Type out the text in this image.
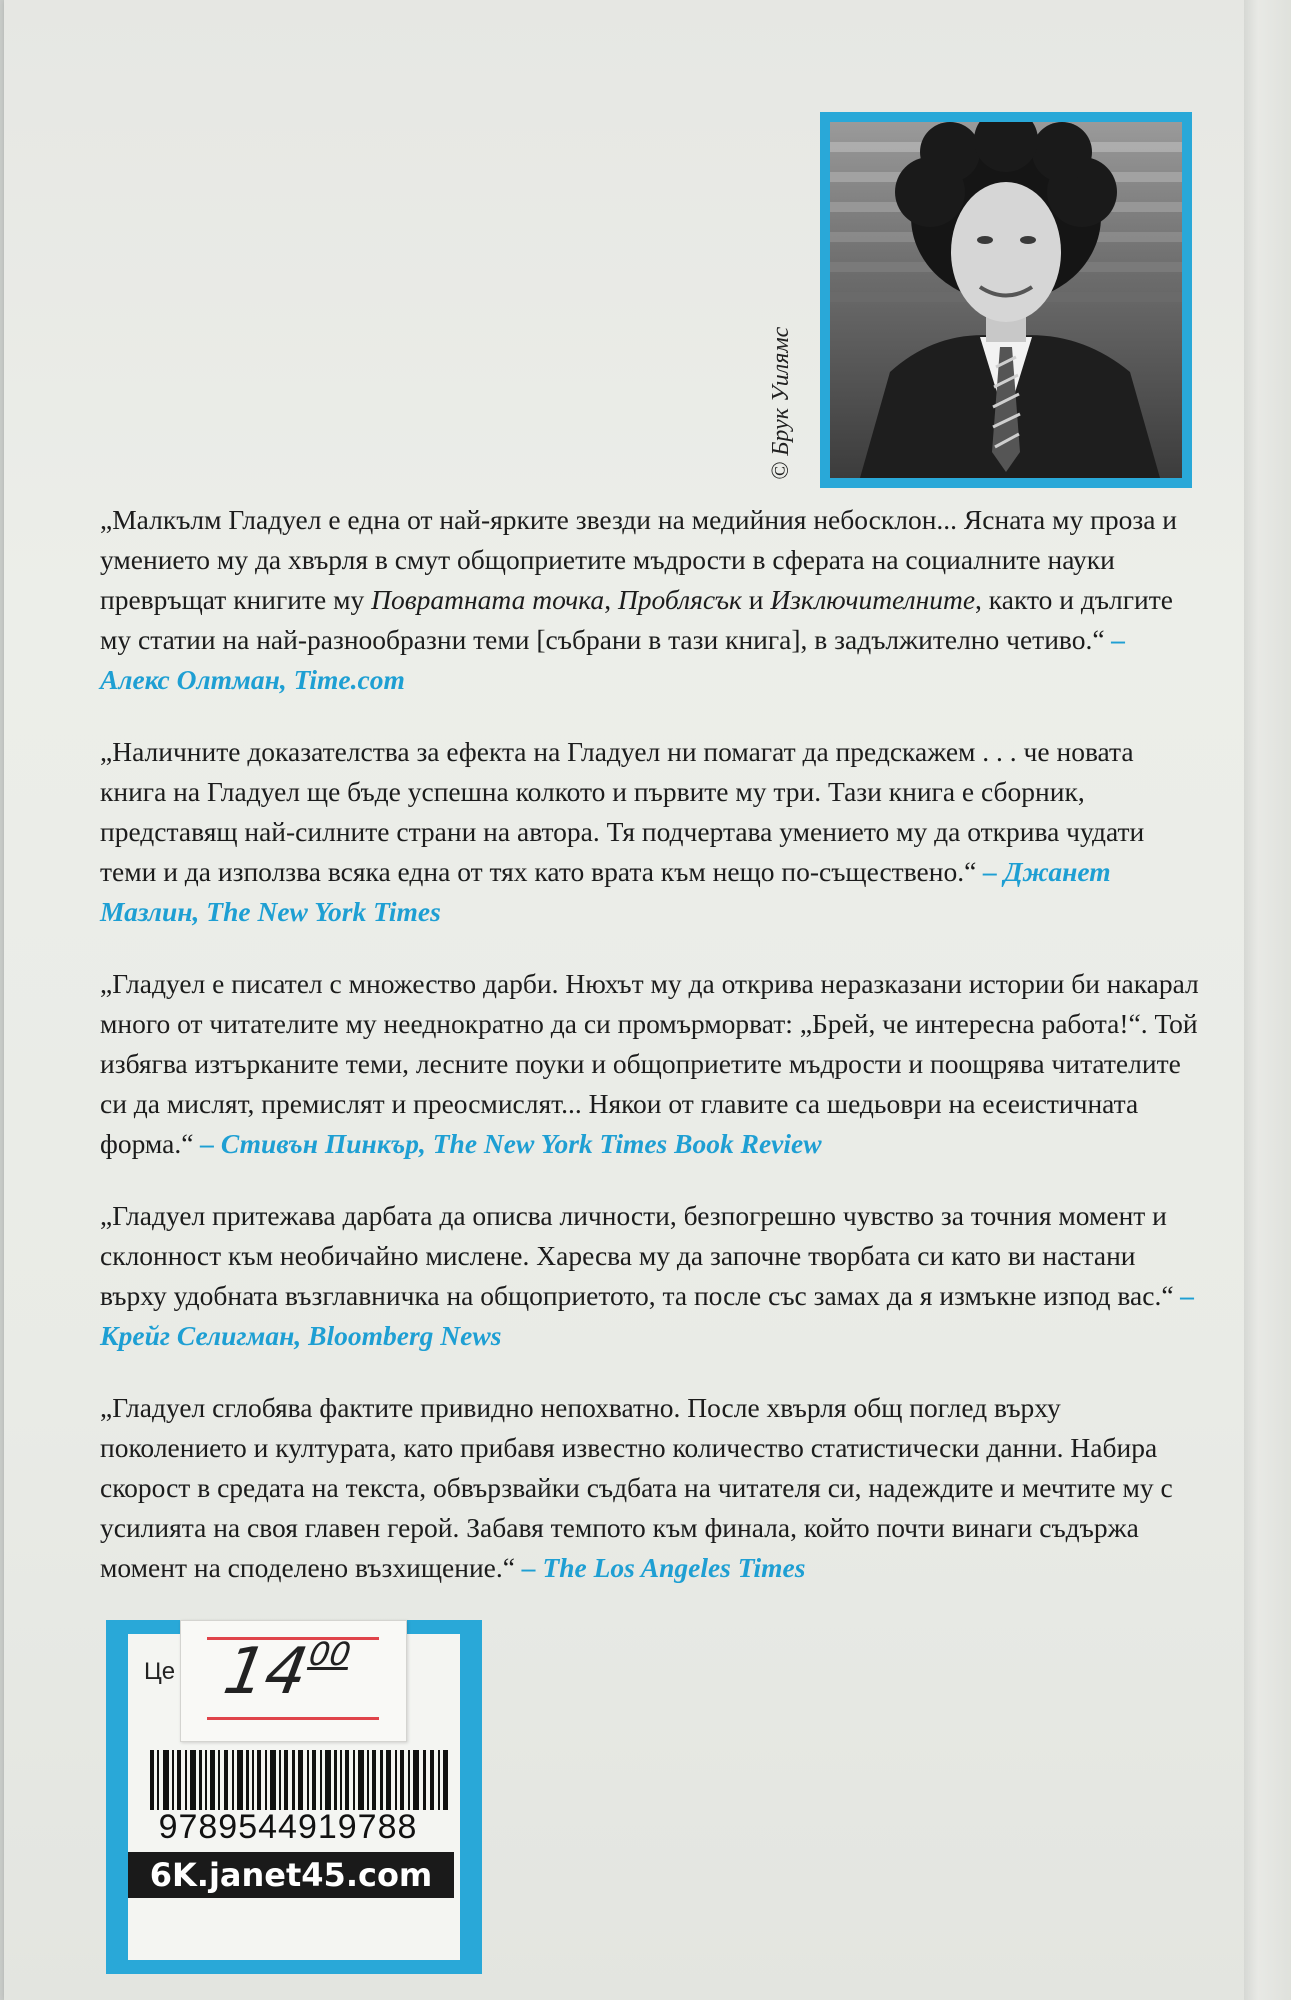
© Брук Уилямс

„Малкълм Гладуел е една от най-ярките звезди на медийния небосклон... Ясната му проза и умението му да хвърля в смут общоприетите мъдрости в сферата на социалните науки превръщат книгите му Повратната точка, Проблясък и Изключителните, както и дългите му статии на най-разнообразни теми [събрани в тази книга], в задължително четиво.“ – Алекс Олтман, Time.com

„Наличните доказателства за ефекта на Гладуел ни помагат да предскажем . . . че новата книга на Гладуел ще бъде успешна колкото и първите му три. Тази книга е сборник, представящ най-силните страни на автора. Тя подчертава умението му да открива чудати теми и да използва всяка една от тях като врата към нещо по-съществено.“ – Джанет Мазлин, The New York Times

„Гладуел е писател с множество дарби. Нюхът му да открива неразказани истории би накарал много от читателите му нееднократно да си промърморват: „Брей, че интересна работа!“. Той избягва изтърканите теми, лесните поуки и общоприетите мъдрости и поощрява читателите си да мислят, премислят и преосмислят... Някои от главите са шедьоври на есеистичната форма.“ – Стивън Пинкър, The New York Times Book Review

„Гладуел притежава дарбата да описва личности, безпогрешно чувство за точния момент и склонност към необичайно мислене. Харесва му да започне творбата си като ви настани върху удобната възглавничка на общоприетото, та после със замах да я измъкне изпод вас.“ – Крейг Селигман, Bloomberg News

„Гладуел сглобява фактите привидно непохватно. После хвърля общ поглед върху поколението и културата, като прибавя известно количество статистически данни. Набира скорост в средата на текста, обвързвайки съдбата на читателя си, надеждите и мечтите му с усилията на своя главен герой. Забавя темпото към финала, който почти винаги съдържа момент на споделено възхищение.“ – The Los Angeles Times

Це $14^{00}$
9789544919788
6K.janet45.com
